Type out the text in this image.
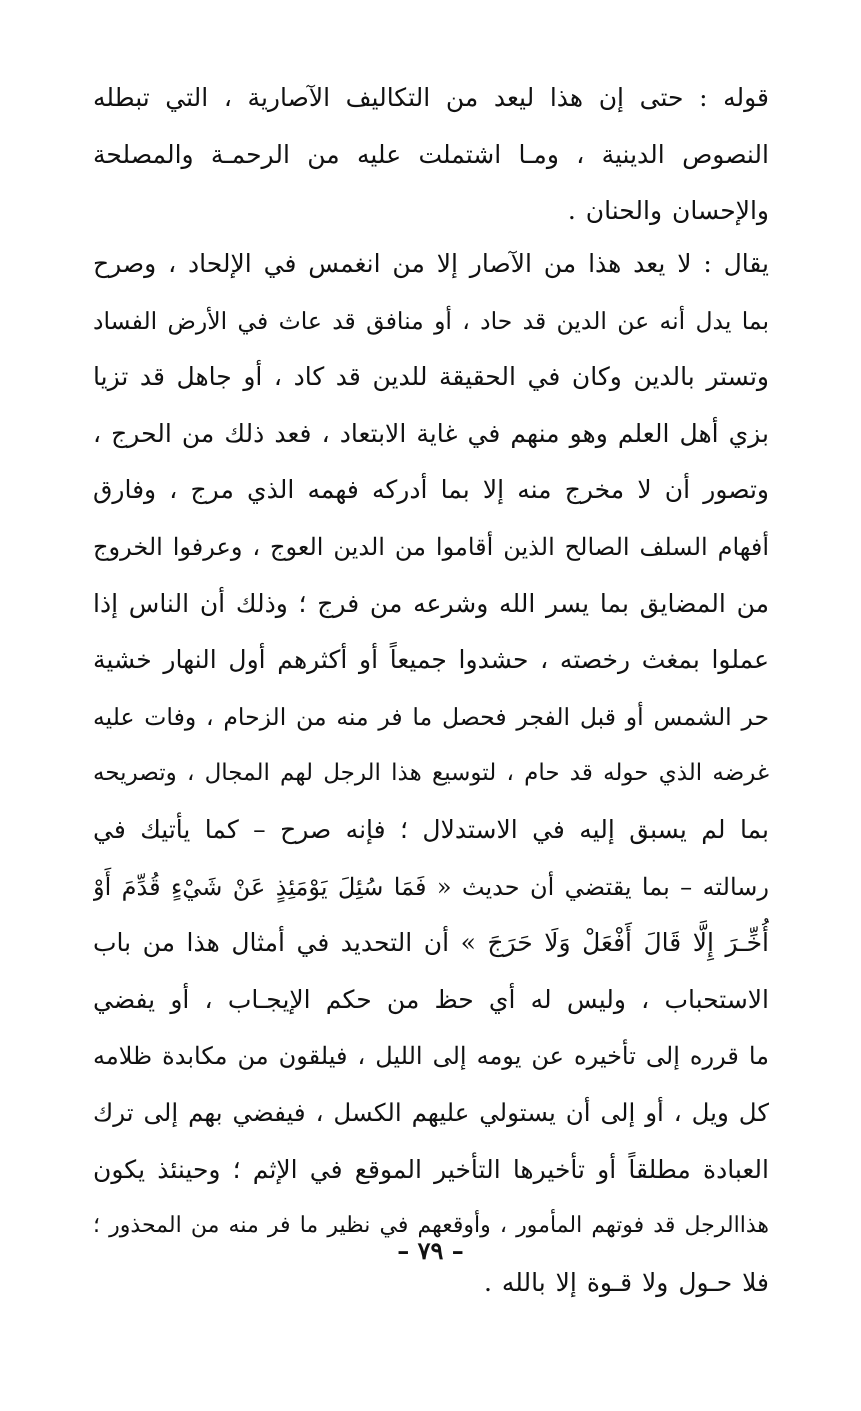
قوله : حتى إن هذا ليعد من التكاليف الآصارية ، التي تبطله
النصوص الدينية ، ومـا اشتملت عليه من الرحمـة والمصلحة
والإحسان والحنان .
يقال : لا يعد هذا من الآصار إلا من انغمس في الإلحاد ، وصرح
بما يدل أنه عن الدين قد حاد ، أو منافق قد عاث في الأرض الفساد
وتستر بالدين وكان في الحقيقة للدين قد كاد ، أو جاهل قد تزيا
بزي أهل العلم وهو منهم في غاية الابتعاد ، فعد ذلك من الحرج ،
وتصور أن لا مخرج منه إلا بما أدركه فهمه الذي مرج ، وفارق
أفهام السلف الصالح الذين أقاموا من الدين العوج ، وعرفوا الخروج
من المضايق بما يسر الله وشرعه من فرج ؛ وذلك أن الناس إذا
عملوا بمغث رخصته ، حشدوا جميعاً أو أكثرهم أول النهار خشية
حر الشمس أو قبل الفجر فحصل ما فر منه من الزحام ، وفات عليه
غرضه الذي حوله قد حام ، لتوسيع هذا الرجل لهم المجال ، وتصريحه
بما لم يسبق إليه في الاستدلال ؛ فإنه صرح – كما يأتيك في
رسالته – بما يقتضي أن حديث « فَمَا سُئِلَ يَوْمَئِذٍ عَنْ شَيْءٍ قُدِّمَ أَوْ
أُخِّـرَ إِلَّا قَالَ أَفْعَلْ وَلَا حَرَجَ » أن التحديد في أمثال هذا من باب
الاستحباب ، وليس له أي حظ من حكم الإيجـاب ، أو يفضي
ما قرره إلى تأخيره عن يومه إلى الليل ، فيلقون من مكابدة ظلامه
كل ويل ، أو إلى أن يستولي عليهم الكسل ، فيفضي بهم إلى ترك
العبادة مطلقاً أو تأخيرها التأخير الموقع في الإثم ؛ وحينئذ يكون
هذاالرجل قد فوتهم المأمور ، وأوقعهم في نظير ما فر منه من المحذور ؛
فلا حـول ولا قـوة إلا بالله .
– ٧٩ –
